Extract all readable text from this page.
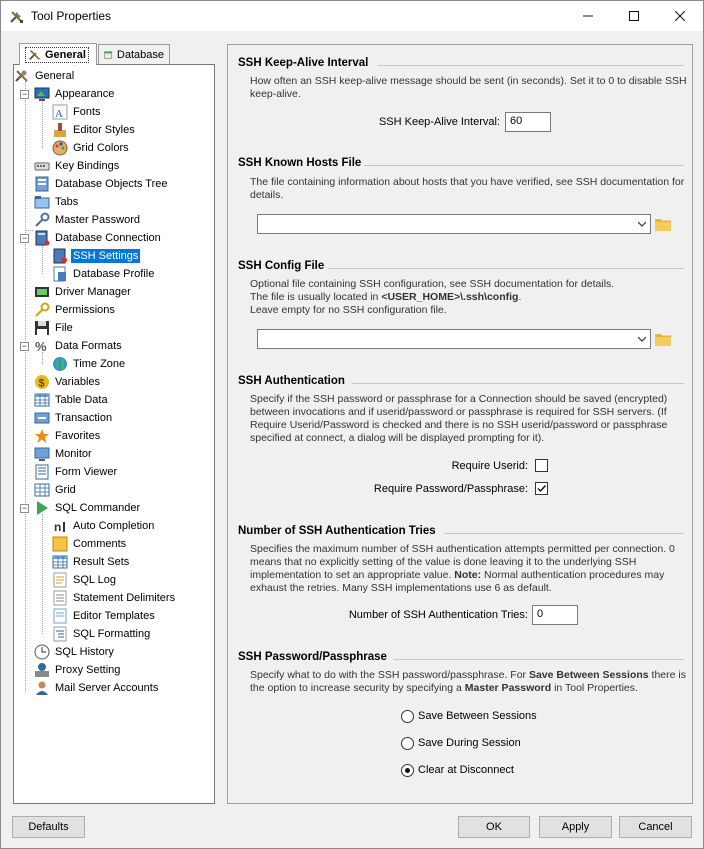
Tool Properties
General	Database
General
−	Appearance
A Fonts
Editor Styles
Grid Colors
Key Bindings
Database Objects Tree
Tabs
Master Password
−	Database Connection
SSH Settings
Database Profile
Driver Manager
Permissions
File
− % Data Formats
Time Zone
$ Variables
Table Data
Transaction
Favorites
Monitor
Form Viewer
Grid
−	SQL Commander
n Auto Completion
Comments
Result Sets
SQL Log
Statement Delimiters
Editor Templates
SQL Formatting
SQL History
Proxy Setting
Mail Server Accounts
SSH Keep-Alive Interval
How often an SSH keep-alive message should be sent (in seconds). Set it to 0 to disable SSH
keep-alive.
SSH Keep-Alive Interval: 60
SSH Known Hosts File
The file containing information about hosts that you have verified, see SSH documentation for
details.
SSH Config File
Optional file containing SSH configuration, see SSH documentation for details.
The file is usually located in <USER_HOME>\.ssh\config.
Leave empty for no SSH configuration file.
SSH Authentication
Specify if the SSH password or passphrase for a Connection should be saved (encrypted)
between invocations and if userid/password or passphrase is required for SSH servers. (If
Require Userid/Password is checked and there is no SSH userid/password or passphrase
specified at connect, a dialog will be displayed prompting for it).
Require Userid:
Require Password/Passphrase:
Number of SSH Authentication Tries
Specifies the maximum number of SSH authentication attempts permitted per connection. 0
means that no explicitly setting of the value is done leaving it to the underlying SSH
implementation to set an appropriate value. Note: Normal authentication procedures may
exhaust the retries. Many SSH implementations use 6 as default.
Number of SSH Authentication Tries: 0
SSH Password/Passphrase
Specify what to do with the SSH password/passphrase. For Save Between Sessions there is
the option to increase security by specifying a Master Password in Tool Properties.
Save Between Sessions
Save During Session
Clear at Disconnect
Defaults	OK	Apply	Cancel
